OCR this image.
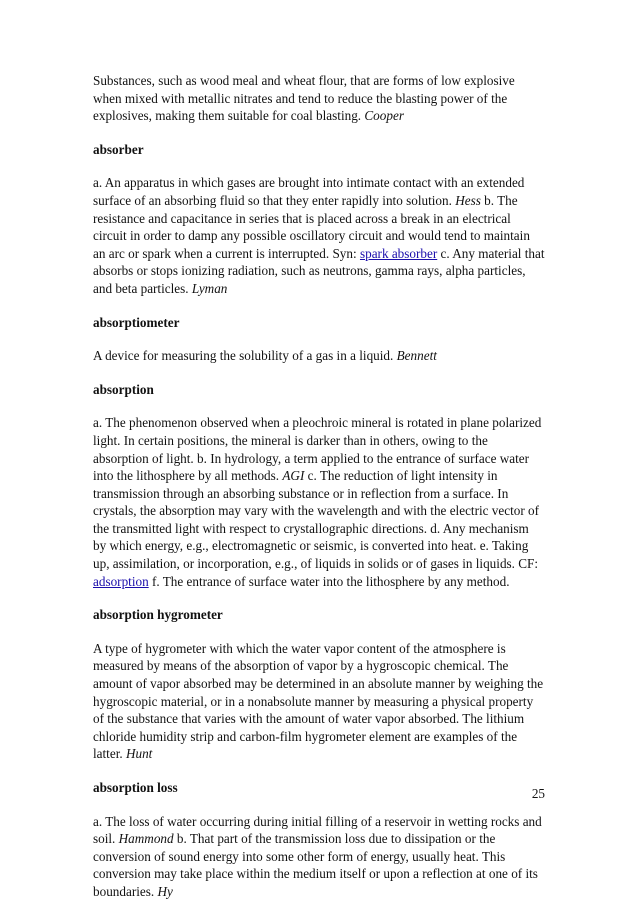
Substances, such as wood meal and wheat flour, that are forms of low explosive when mixed with metallic nitrates and tend to reduce the blasting power of the explosives, making them suitable for coal blasting. Cooper

absorber

a. An apparatus in which gases are brought into intimate contact with an extended surface of an absorbing fluid so that they enter rapidly into solution. Hess b. The resistance and capacitance in series that is placed across a break in an electrical circuit in order to damp any possible oscillatory circuit and would tend to maintain an arc or spark when a current is interrupted. Syn: spark absorber c. Any material that absorbs or stops ionizing radiation, such as neutrons, gamma rays, alpha particles, and beta particles. Lyman

absorptiometer

A device for measuring the solubility of a gas in a liquid. Bennett

absorption

a. The phenomenon observed when a pleochroic mineral is rotated in plane polarized light. In certain positions, the mineral is darker than in others, owing to the absorption of light. b. In hydrology, a term applied to the entrance of surface water into the lithosphere by all methods. AGI c. The reduction of light intensity in transmission through an absorbing substance or in reflection from a surface. In crystals, the absorption may vary with the wavelength and with the electric vector of the transmitted light with respect to crystallographic directions. d. Any mechanism by which energy, e.g., electromagnetic or seismic, is converted into heat. e. Taking up, assimilation, or incorporation, e.g., of liquids in solids or of gases in liquids. CF: adsorption f. The entrance of surface water into the lithosphere by any method.

absorption hygrometer

A type of hygrometer with which the water vapor content of the atmosphere is measured by means of the absorption of vapor by a hygroscopic chemical. The amount of vapor absorbed may be determined in an absolute manner by weighing the hygroscopic material, or in a nonabsolute manner by measuring a physical property of the substance that varies with the amount of water vapor absorbed. The lithium chloride humidity strip and carbon-film hygrometer element are examples of the latter. Hunt

absorption loss

a. The loss of water occurring during initial filling of a reservoir in wetting rocks and soil. Hammond b. That part of the transmission loss due to dissipation or the conversion of sound energy into some other form of energy, usually heat. This conversion may take place within the medium itself or upon a reflection at one of its boundaries. Hy

25
